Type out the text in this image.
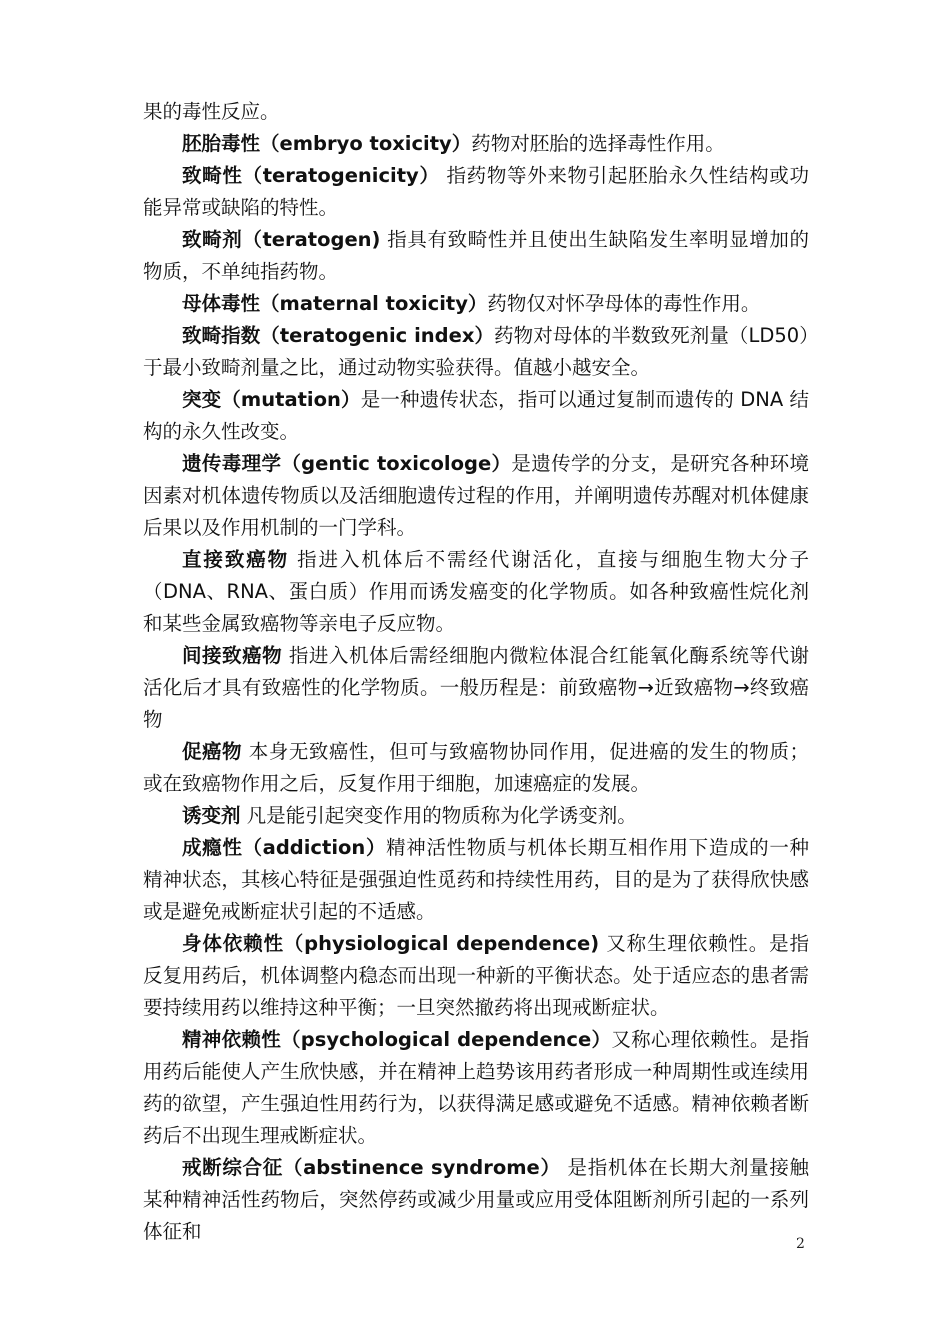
果的毒性反应。

胚胎毒性（embryo toxicity）药物对胚胎的选择毒性作用。

致畸性（teratogenicity） 指药物等外来物引起胚胎永久性结构或功能异常或缺陷的特性。

致畸剂（teratogen) 指具有致畸性并且使出生缺陷发生率明显增加的物质，不单纯指药物。

母体毒性（maternal toxicity）药物仅对怀孕母体的毒性作用。

致畸指数（teratogenic index）药物对母体的半数致死剂量（LD50）于最小致畸剂量之比，通过动物实验获得。值越小越安全。

突变（mutation）是一种遗传状态，指可以通过复制而遗传的 DNA 结构的永久性改变。

遗传毒理学（gentic toxicologe）是遗传学的分支，是研究各种环境因素对机体遗传物质以及活细胞遗传过程的作用，并阐明遗传苏醒对机体健康后果以及作用机制的一门学科。

直接致癌物 指进入机体后不需经代谢活化，直接与细胞生物大分子（DNA、RNA、蛋白质）作用而诱发癌变的化学物质。如各种致癌性烷化剂和某些金属致癌物等亲电子反应物。

间接致癌物 指进入机体后需经细胞内微粒体混合红能氧化酶系统等代谢活化后才具有致癌性的化学物质。一般历程是：前致癌物→近致癌物→终致癌物

促癌物 本身无致癌性，但可与致癌物协同作用，促进癌的发生的物质；或在致癌物作用之后，反复作用于细胞，加速癌症的发展。

诱变剂 凡是能引起突变作用的物质称为化学诱变剂。

成瘾性（addiction）精神活性物质与机体长期互相作用下造成的一种精神状态，其核心特征是强强迫性觅药和持续性用药，目的是为了获得欣快感或是避免戒断症状引起的不适感。

身体依赖性（physiological dependence) 又称生理依赖性。是指反复用药后，机体调整内稳态而出现一种新的平衡状态。处于适应态的患者需要持续用药以维持这种平衡；一旦突然撤药将出现戒断症状。

精神依赖性（psychological dependence）又称心理依赖性。是指用药后能使人产生欣快感，并在精神上趋势该用药者形成一种周期性或连续用药的欲望，产生强迫性用药行为，以获得满足感或避免不适感。精神依赖者断药后不出现生理戒断症状。

戒断综合征（abstinence syndrome） 是指机体在长期大剂量接触某种精神活性药物后，突然停药或减少用量或应用受体阻断剂所引起的一系列体征和

2
